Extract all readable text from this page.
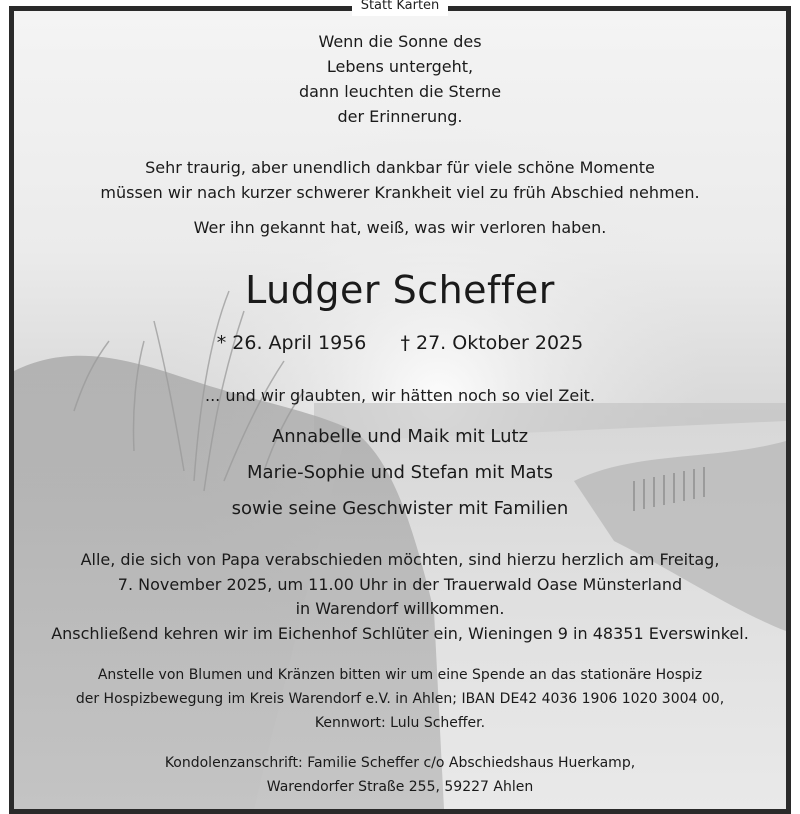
Statt Karten
Wenn die Sonne des
Lebens untergeht,
dann leuchten die Sterne
der Erinnerung.
Sehr traurig, aber unendlich dankbar für viele schöne Momente
müssen wir nach kurzer schwerer Krankheit viel zu früh Abschied nehmen.
Wer ihn gekannt hat, weiß, was wir verloren haben.
Ludger Scheffer
* 26. April 1956 † 27. Oktober 2025
... und wir glaubten, wir hätten noch so viel Zeit.
Annabelle und Maik mit Lutz
Marie-Sophie und Stefan mit Mats
sowie seine Geschwister mit Familien
Alle, die sich von Papa verabschieden möchten, sind hierzu herzlich am Freitag,
7. November 2025, um 11.00 Uhr in der Trauerwald Oase Münsterland
in Warendorf willkommen.
Anschließend kehren wir im Eichenhof Schlüter ein, Wieningen 9 in 48351 Everswinkel.
Anstelle von Blumen und Kränzen bitten wir um eine Spende an das stationäre Hospiz
der Hospizbewegung im Kreis Warendorf e.V. in Ahlen; IBAN DE42 4036 1906 1020 3004 00,
Kennwort: Lulu Scheffer.
Kondolenzanschrift: Familie Scheffer c/o Abschiedshaus Huerkamp,
Warendorfer Straße 255, 59227 Ahlen
